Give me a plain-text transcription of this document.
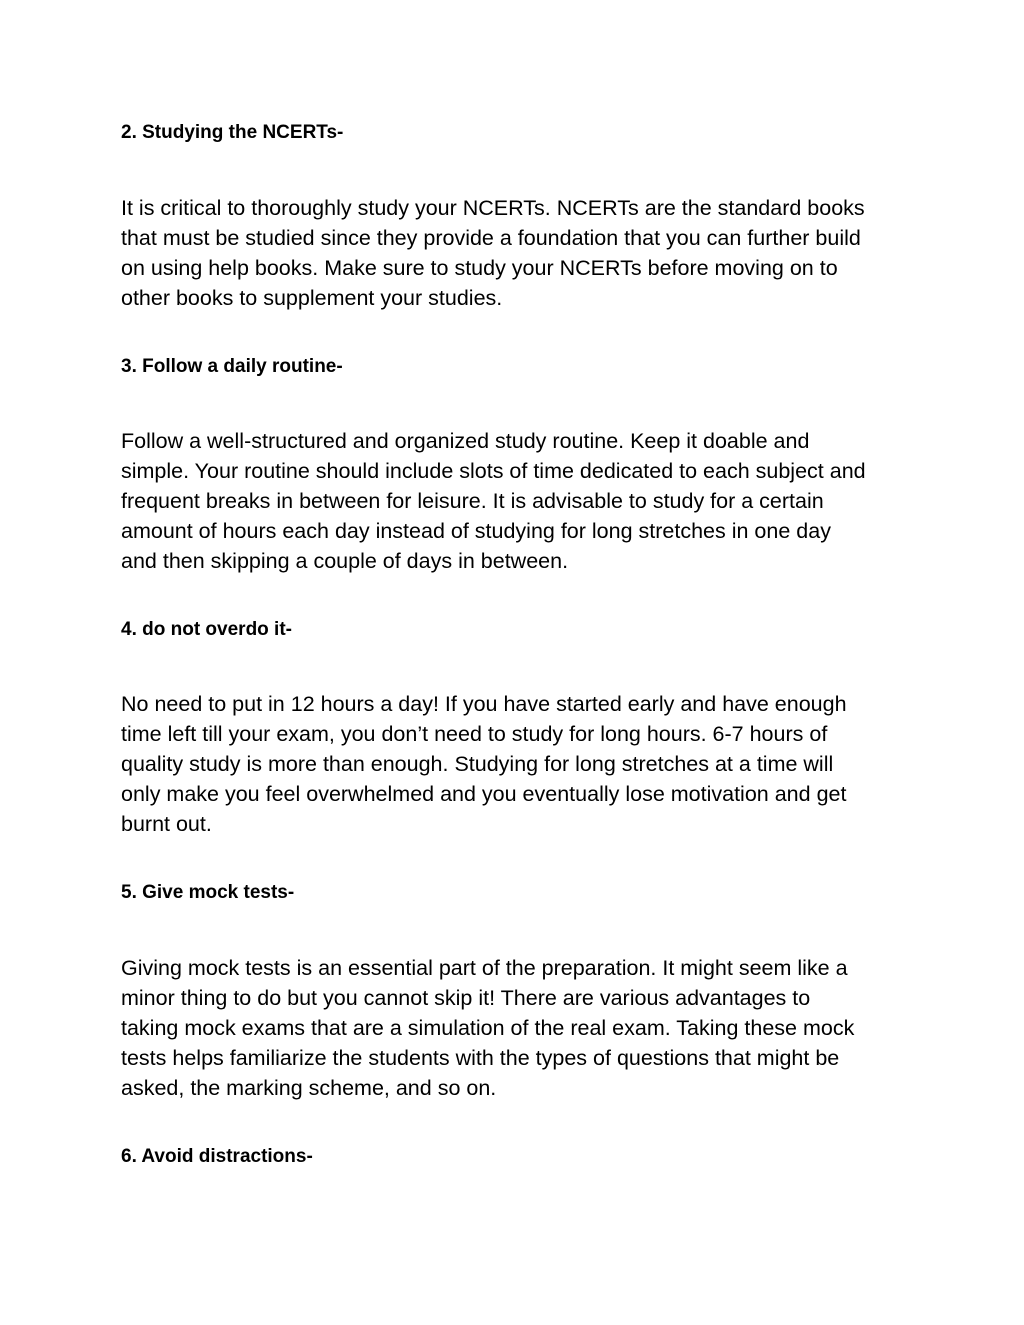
2. Studying the NCERTs-

It is critical to thoroughly study your NCERTs. NCERTs are the standard books
that must be studied since they provide a foundation that you can further build
on using help books. Make sure to study your NCERTs before moving on to
other books to supplement your studies.

3. Follow a daily routine-

Follow a well-structured and organized study routine. Keep it doable and
simple. Your routine should include slots of time dedicated to each subject and
frequent breaks in between for leisure. It is advisable to study for a certain
amount of hours each day instead of studying for long stretches in one day
and then skipping a couple of days in between.

4. do not overdo it-

No need to put in 12 hours a day! If you have started early and have enough
time left till your exam, you don’t need to study for long hours. 6-7 hours of
quality study is more than enough. Studying for long stretches at a time will
only make you feel overwhelmed and you eventually lose motivation and get
burnt out.

5. Give mock tests-

Giving mock tests is an essential part of the preparation. It might seem like a
minor thing to do but you cannot skip it! There are various advantages to
taking mock exams that are a simulation of the real exam. Taking these mock
tests helps familiarize the students with the types of questions that might be
asked, the marking scheme, and so on.

6. Avoid distractions-
